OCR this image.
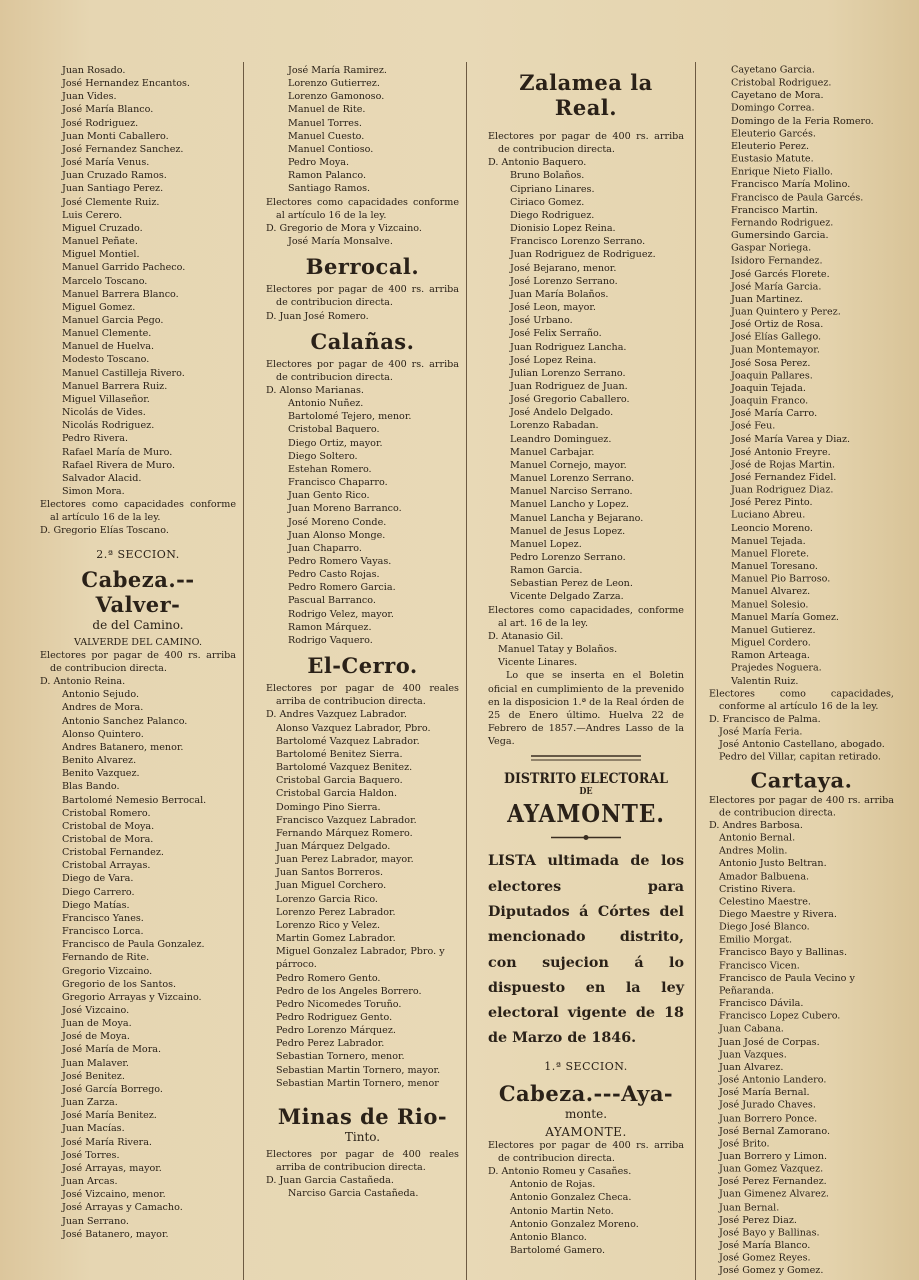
Juan Rosado.
José Hernandez Encantos.
Juan Vides.
José María Blanco.
José Rodriguez.
Juan Monti Caballero.
José Fernandez Sanchez.
José María Venus.
Juan Cruzado Ramos.
Juan Santiago Perez.
José Clemente Ruiz.
Luis Cerero.
Miguel Cruzado.
Manuel Peñate.
Miguel Montiel.
Manuel Garrido Pacheco.
Marcelo Toscano.
Manuel Barrera Blanco.
Miguel Gomez.
Manuel Garcia Pego.
Manuel Clemente.
Manuel de Huelva.
Modesto Toscano.
Manuel Castilleja Rivero.
Manuel Barrera Ruiz.
Miguel Villaseñor.
Nicolás de Vides.
Nicolás Rodriguez.
Pedro Rivera.
Rafael María de Muro.
Rafael Rivera de Muro.
Salvador Alacid.
Simon Mora.
Electores como capacidades conforme al artículo 16 de la ley.
D. Gregorio Elías Toscano.
2.ª SECCION.
Cabeza.-- Valver-
de del Camino.
VALVERDE DEL CAMINO.
Electores por pagar de 400 rs. arriba de contribucion directa.
D. Antonio Reina.
Antonio Sejudo.
Andres de Mora.
Antonio Sanchez Palanco.
Alonso Quintero.
Andres Batanero, menor.
Benito Alvarez.
Benito Vazquez.
Blas Bando.
Bartolomé Nemesio Berrocal.
Cristobal Romero.
Cristobal de Moya.
Cristobal de Mora.
Cristobal Fernandez.
Cristobal Arrayas.
Diego de Vara.
Diego Carrero.
Diego Matías.
Francisco Yanes.
Francisco Lorca.
Francisco de Paula Gonzalez.
Fernando de Rite.
Gregorio Vizcaino.
Gregorio de los Santos.
Gregorio Arrayas y Vizcaino.
José Vizcaino.
Juan de Moya.
José de Moya.
José María de Mora.
Juan Malaver.
José Benitez.
José García Borrego.
Juan Zarza.
José María Benitez.
Juan Macías.
José María Rivera.
José Torres.
José Arrayas, mayor.
Juan Arcas.
José Vizcaino, menor.
José Arrayas y Camacho.
Juan Serrano.
José Batanero, mayor.
José María Ramirez.
Lorenzo Gutierrez.
Lorenzo Gamonoso.
Manuel de Rite.
Manuel Torres.
Manuel Cuesto.
Manuel Contioso.
Pedro Moya.
Ramon Palanco.
Santiago Ramos.
Electores como capacidades conforme al artículo 16 de la ley.
D. Gregorio de Mora y Vizcaino.
José María Monsalve.
Berrocal.
Electores por pagar de 400 rs. arriba de contribucion directa.
D. Juan José Romero.
Calañas.
Electores por pagar de 400 rs. arriba de contribucion directa.
D. Alonso Marianas.
Antonio Nuñez.
Bartolomé Tejero, menor.
Cristobal Baquero.
Diego Ortiz, mayor.
Diego Soltero.
Estehan Romero.
Francisco Chaparro.
Juan Gento Rico.
Juan Moreno Barranco.
José Moreno Conde.
Juan Alonso Monge.
Juan Chaparro.
Pedro Romero Vayas.
Pedro Casto Rojas.
Pedro Romero Garcia.
Pascual Barranco.
Rodrigo Velez, mayor.
Ramon Márquez.
Rodrigo Vaquero.
El-Cerro.
Electores por pagar de 400 reales arriba de contribucion directa.
D. Andres Vazquez Labrador.
Alonso Vazquez Labrador, Pbro.
Bartolomé Vazquez Labrador.
Bartolomé Benitez Sierra.
Bartolomé Vazquez Benitez.
Cristobal Garcia Baquero.
Cristobal Garcia Haldon.
Domingo Pino Sierra.
Francisco Vazquez Labrador.
Fernando Márquez Romero.
Juan Márquez Delgado.
Juan Perez Labrador, mayor.
Juan Santos Borreros.
Juan Miguel Corchero.
Lorenzo Garcia Rico.
Lorenzo Perez Labrador.
Lorenzo Rico y Velez.
Martin Gomez Labrador.
Miguel Gonzalez Labrador, Pbro. y párroco.
Pedro Romero Gento.
Pedro de los Angeles Borrero.
Pedro Nicomedes Toruño.
Pedro Rodriguez Gento.
Pedro Lorenzo Márquez.
Pedro Perez Labrador.
Sebastian Tornero, menor.
Sebastian Martin Tornero, mayor.
Sebastian Martin Tornero, menor
Minas de Rio-
Tinto.
Electores por pagar de 400 reales arriba de contribucion directa.
D. Juan Garcia Castañeda.
Narciso Garcia Castañeda.
Zalamea la Real.
Electores por pagar de 400 rs. arriba de contribucion directa.
D. Antonio Baquero.
Bruno Bolaños.
Cipriano Linares.
Ciriaco Gomez.
Diego Rodriguez.
Dionisio Lopez Reina.
Francisco Lorenzo Serrano.
Juan Rodriguez de Rodriguez.
José Bejarano, menor.
José Lorenzo Serrano.
Juan María Bolaños.
José Leon, mayor.
José Urbano.
José Felix Serraño.
Juan Rodriguez Lancha.
José Lopez Reina.
Julian Lorenzo Serrano.
Juan Rodriguez de Juan.
José Gregorio Caballero.
José Andelo Delgado.
Lorenzo Rabadan.
Leandro Dominguez.
Manuel Carbajar.
Manuel Cornejo, mayor.
Manuel Lorenzo Serrano.
Manuel Narciso Serrano.
Manuel Lancho y Lopez.
Manuel Lancha y Bejarano.
Manuel de Jesus Lopez.
Manuel Lopez.
Pedro Lorenzo Serrano.
Ramon Garcia.
Sebastian Perez de Leon.
Vicente Delgado Zarza.
Electores como capacidades, conforme al art. 16 de la ley.
D. Atanasio Gil.
Manuel Tatay y Bolaños.
Vicente Linares.
Lo que se inserta en el Boletin oficial en cumplimiento de la prevenido en la disposicion 1.ª de la Real órden de 25 de Enero último. Huelva 22 de Febrero de 1857.—Andres Lasso de la Vega.
DISTRITO ELECTORAL
DE
AYAMONTE.
LISTA ultimada de los electores para Diputados á Córtes del mencionado distrito, con sujecion á lo dispuesto en la ley electoral vigente de 18 de Marzo de 1846.
1.ª SECCION.
Cabeza.---Aya-
monte.
AYAMONTE.
Electores por pagar de 400 rs. arriba de contribucion directa.
D. Antonio Romeu y Casañes.
Antonio de Rojas.
Antonio Gonzalez Checa.
Antonio Martin Neto.
Antonio Gonzalez Moreno.
Antonio Blanco.
Bartolomé Gamero.
Cayetano Garcia.
Cristobal Rodriguez.
Cayetano de Mora.
Domingo Correa.
Domingo de la Feria Romero.
Eleuterio Garcés.
Eleuterio Perez.
Eustasio Matute.
Enrique Nieto Fiallo.
Francisco María Molino.
Francisco de Paula Garcés.
Francisco Martin.
Fernando Rodriguez.
Gumersindo Garcia.
Gaspar Noriega.
Isidoro Fernandez.
José Garcés Florete.
José María Garcia.
Juan Martinez.
Juan Quintero y Perez.
José Ortiz de Rosa.
José Elías Gallego.
Juan Montemayor.
José Sosa Perez.
Joaquin Pallares.
Joaquin Tejada.
Joaquin Franco.
José María Carro.
José Feu.
José María Varea y Diaz.
José Antonio Freyre.
José de Rojas Martin.
José Fernandez Fidel.
Juan Rodriguez Diaz.
José Perez Pinto.
Luciano Abreu.
Leoncio Moreno.
Manuel Tejada.
Manuel Florete.
Manuel Toresano.
Manuel Pio Barroso.
Manuel Alvarez.
Manuel Solesio.
Manuel María Gomez.
Manuel Gutierez.
Miguel Cordero.
Ramon Arteaga.
Prajedes Noguera.
Valentin Ruiz.
Electores como capacidades, conforme al artículo 16 de la ley.
D. Francisco de Palma.
José María Feria.
José Antonio Castellano, abogado.
Pedro del Villar, capitan retirado.
Cartaya.
Electores por pagar de 400 rs. arriba de contribucion directa.
D. Andres Barbosa.
Antonio Bernal.
Andres Molin.
Antonio Justo Beltran.
Amador Balbuena.
Cristino Rivera.
Celestino Maestre.
Diego Maestre y Rivera.
Diego José Blanco.
Emilio Morgat.
Francisco Bayo y Ballinas.
Francisco Vicen.
Francisco de Paula Vecino y Peñaranda.
Francisco Dávila.
Francisco Lopez Cubero.
Juan Cabana.
Juan José de Corpas.
Juan Vazques.
Juan Alvarez.
José Antonio Landero.
José María Bernal.
José Jurado Chaves.
Juan Borrero Ponce.
José Bernal Zamorano.
José Brito.
Juan Borrero y Limon.
Juan Gomez Vazquez.
José Perez Fernandez.
Juan Gimenez Alvarez.
Juan Bernal.
José Perez Diaz.
José Bayo y Ballinas.
José María Blanco.
José Gomez Reyes.
José Gomez y Gomez.
